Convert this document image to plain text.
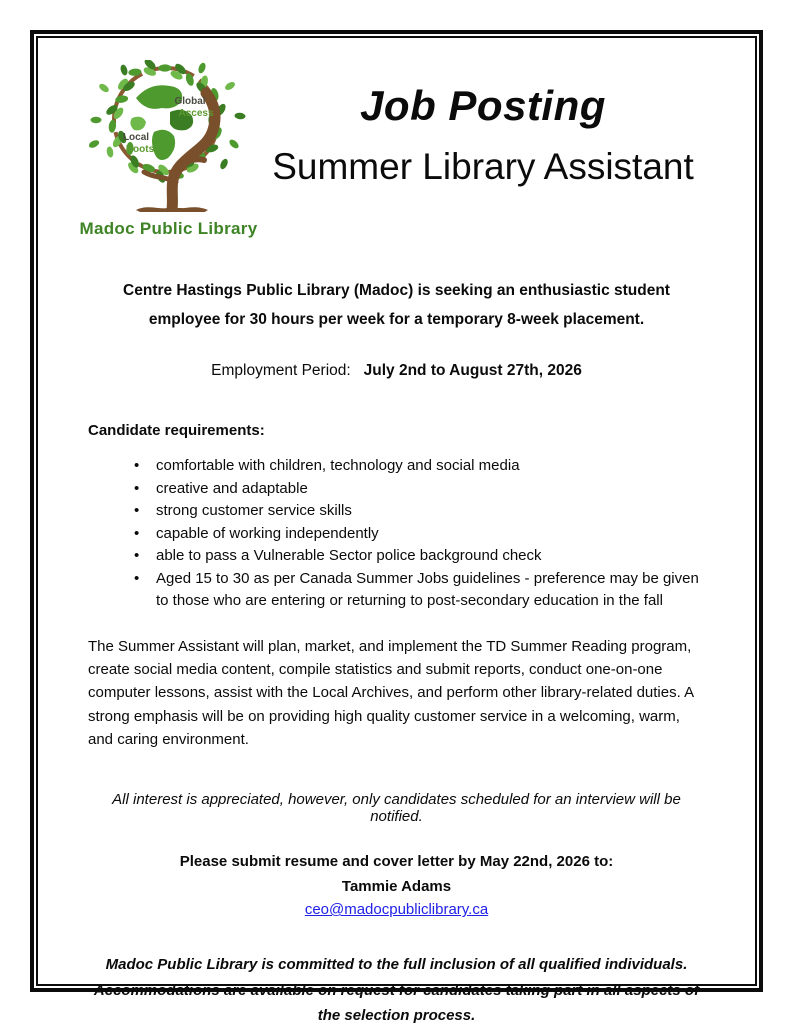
Global
Access
Local
Roots
Madoc Public Library
Job Posting
Summer Library Assistant

Centre Hastings Public Library (Madoc) is seeking an enthusiastic student employee for 30 hours per week for a temporary 8-week placement.

Employment Period: July 2nd to August 27th, 2026
Candidate requirements:
• comfortable with children, technology and social media
• creative and adaptable
• strong customer service skills
• capable of working independently
• able to pass a Vulnerable Sector police background check
• Aged 15 to 30 as per Canada Summer Jobs guidelines - preference may be given to those who are entering or returning to post-secondary education in the fall

The Summer Assistant will plan, market, and implement the TD Summer Reading program, create social media content, compile statistics and submit reports, conduct one-on-one computer lessons, assist with the Local Archives, and perform other library-related duties. A strong emphasis will be on providing high quality customer service in a welcoming, warm, and caring environment.

All interest is appreciated, however, only candidates scheduled for an interview will be notified.

Please submit resume and cover letter by May 22nd, 2026 to:
Tammie Adams
ceo@madocpubliclibrary.ca

Madoc Public Library is committed to the full inclusion of all qualified individuals. Accommodations are available on request for candidates taking part in all aspects of the selection process.
